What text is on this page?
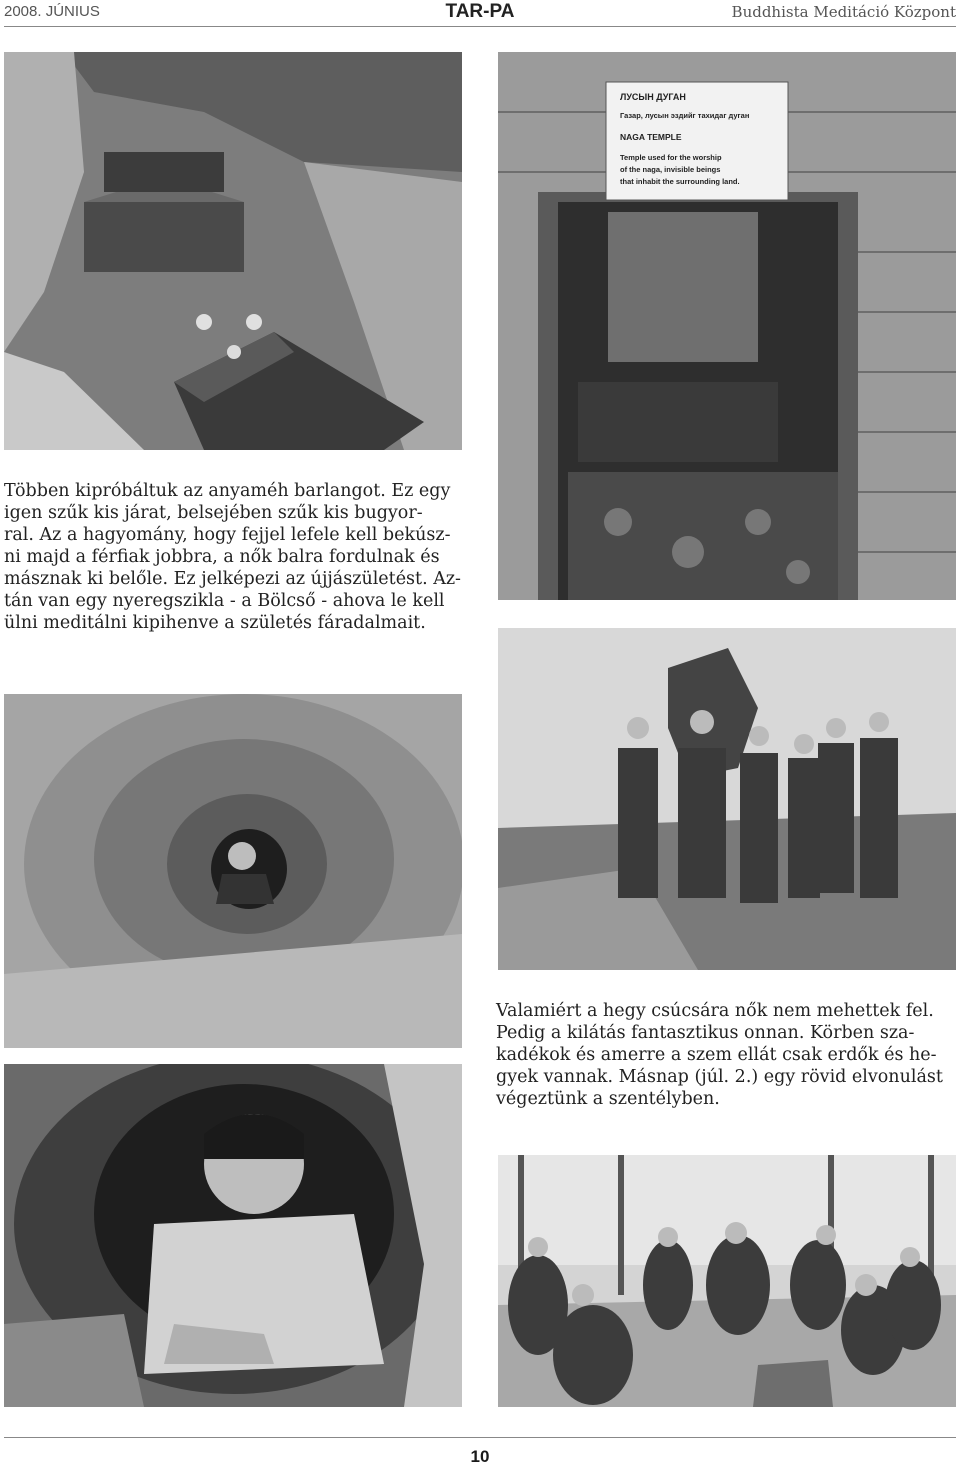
2008. JÚNIUS	TAR-PA	Buddhista Meditáció Központ
ЛУСЫН ДУГАН
Газар, лусын эздийг тахидаг дуган
NAGA TEMPLE
Temple used for the worship
of the naga, invisible beings
that inhabit the surrounding land.
Többen kipróbáltuk az anyaméh barlangot. Ez egy
igen szűk kis járat, belsejében szűk kis bugyor-
ral. Az a hagyomány, hogy fejjel lefele kell bekúsz-
ni majd a férfiak jobbra, a nők balra fordulnak és
másznak ki belőle. Ez jelképezi az újjászületést. Az-
tán van egy nyeregszikla - a Bölcső - ahova le kell
ülni meditálni kipihenve a születés fáradalmait.
Valamiért a hegy csúcsára nők nem mehettek fel.
Pedig a kilátás fantasztikus onnan. Körben sza-
kadékok és amerre a szem ellát csak erdők és he-
gyek vannak. Másnap (júl. 2.) egy rövid elvonulást
végeztünk a szentélyben.
10
